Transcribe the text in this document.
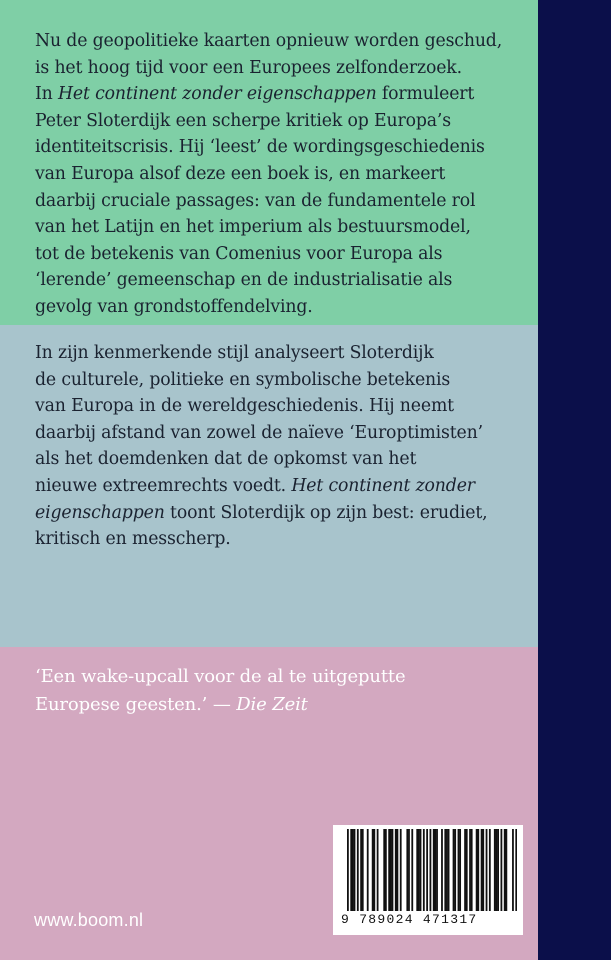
Nu de geopolitieke kaarten opnieuw worden geschud,
is het hoog tijd voor een Europees zelfonderzoek.
In Het continent zonder eigenschappen formuleert
Peter Sloterdijk een scherpe kritiek op Europa’s
identiteitscrisis. Hij ‘leest’ de wordingsgeschiedenis
van Europa alsof deze een boek is, en markeert
daarbij cruciale passages: van de fundamentele rol
van het Latijn en het imperium als bestuursmodel,
tot de betekenis van Comenius voor Europa als
‘lerende’ gemeenschap en de industrialisatie als
gevolg van grondstoffendelving.

In zijn kenmerkende stijl analyseert Sloterdijk
de culturele, politieke en symbolische betekenis
van Europa in de wereldgeschiedenis. Hij neemt
daarbij afstand van zowel de naïeve ‘Europtimisten’
als het doemdenken dat de opkomst van het
nieuwe extreemrechts voedt. Het continent zonder
eigenschappen toont Sloterdijk op zijn best: erudiet,
kritisch en messcherp.

‘Een wake-upcall voor de al te uitgeputte
Europese geesten.’ — Die Zeit

9 789024 471317
www.boom.nl
